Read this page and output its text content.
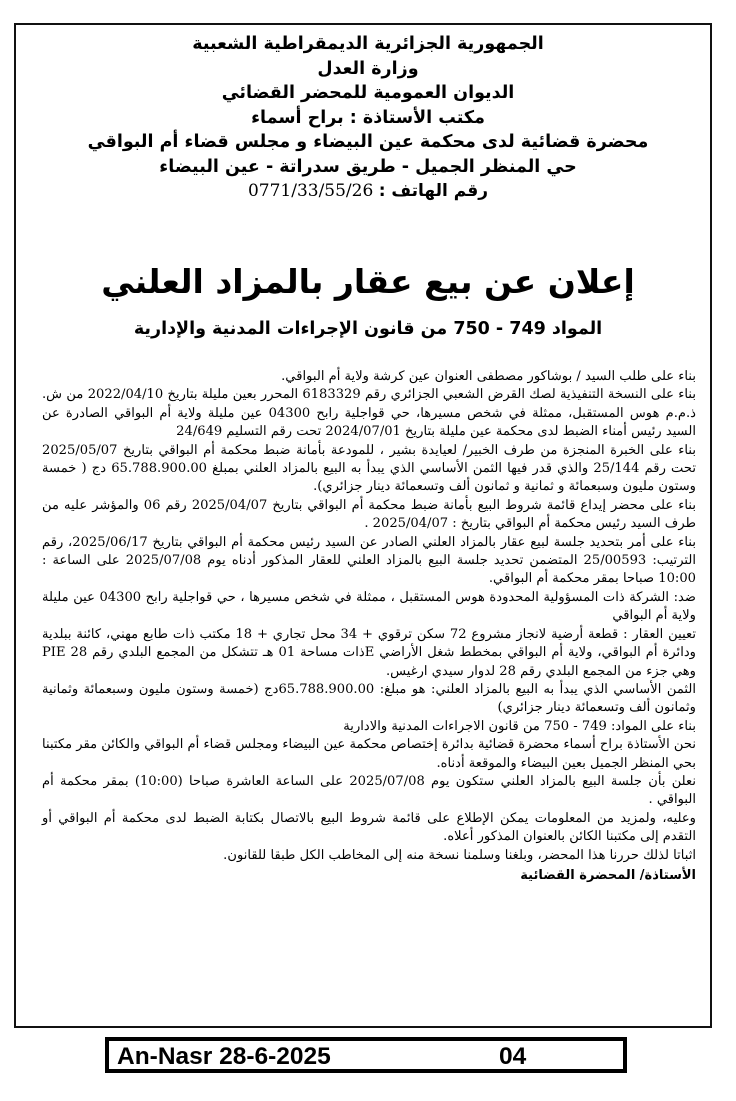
الجمهورية الجزائرية الديمقراطية الشعبية
وزارة العدل
الديوان العمومية للمحضر القضائي
مكتب الأستاذة : براح أسماء
محضرة قضائية لدى محكمة عين البيضاء و مجلس قضاء أم البواقي
حي المنظر الجميل - طريق سدراتة - عين البيضاء
رقم الهاتف : 0771/33/55/26
إعلان عن بيع عقار بالمزاد العلني
المواد 749 - 750 من قانون الإجراءات المدنية والإدارية

بناء على طلب السيد / بوشاكور مصطفى العنوان عين كرشة ولاية أم البواقي.

بناء على النسخة التنفيذية لصك القرض الشعبي الجزائري رقم 6183329 المحرر بعين مليلة بتاريخ 2022/04/10 من ش. ذ.م.م هوس المستقبل، ممثلة في شخص مسيرها، حي قواجلية رابح 04300 عين مليلة ولاية أم البواقي الصادرة عن السيد رئيس أمناء الضبط لدى محكمة عين مليلة بتاريخ 2024/07/01 تحت رقم التسليم 24/649

بناء على الخبرة المنجزة من طرف الخبير/ لعيايدة بشير ، للمودعة بأمانة ضبط محكمة أم البواقي بتاريخ 2025/05/07 تحت رقم 25/144 والذي قدر فيها الثمن الأساسي الذي يبدأ به البيع بالمزاد العلني بمبلغ 65.788.900.00 دج ( خمسة وستون مليون وسبعمائة و ثمانية و ثمانون ألف وتسعمائة دينار جزائري).

بناء على محضر إيداع قائمة شروط البيع بأمانة ضبط محكمة أم البواقي بتاريخ 2025/04/07 رقم 06 والمؤشر عليه من طرف السيد رئيس محكمة أم البواقي بتاريخ : 2025/04/07 .

بناء على أمر بتحديد جلسة لبيع عقار بالمزاد العلني الصادر عن السيد رئيس محكمة أم البواقي بتاريخ 2025/06/17، رقم الترتيب: 25/00593 المتضمن تحديد جلسة البيع بالمزاد العلني للعقار المذكور أدناه يوم 2025/07/08 على الساعة : 10:00 صباحا بمقر محكمة أم البواقي.

ضد: الشركة ذات المسؤولية المحدودة هوس المستقبل ، ممثلة في شخص مسيرها ، حي قواجلية رابح 04300 عين مليلة ولاية أم البواقي

تعيين العقار : قطعة أرضية لانجاز مشروع 72 سكن ترقوي + 34 محل تجاري + 18 مكتب ذات طابع مهني، كائنة ببلدية ودائرة أم البواقي، ولاية أم البواقي بمخطط شغل الأراضي Eذات مساحة 01 هـ تتشكل من المجمع البلدي رقم 28 PIE وهي جزء من المجمع البلدي رقم 28 لدوار سيدي ارغيس.

الثمن الأساسي الذي يبدأ به البيع بالمزاد العلني: هو مبلغ: 65.788.900.00دج (خمسة وستون مليون وسبعمائة وثمانية وثمانون ألف وتسعمائة دينار جزائري)

بناء على المواد: 749 - 750 من قانون الاجراءات المدنية والادارية

نحن الأستاذة براح أسماء محضرة قضائية بدائرة إختصاص محكمة عين البيضاء ومجلس قضاء أم البواقي والكائن مقر مكتبنا بحي المنظر الجميل بعين البيضاء والموقعة أدناه.

نعلن بأن جلسة البيع بالمزاد العلني ستكون يوم 2025/07/08 على الساعة العاشرة صباحا (10:00) بمقر محكمة أم البواقي .

وعليه، ولمزيد من المعلومات يمكن الإطلاع على قائمة شروط البيع بالاتصال بكتابة الضبط لدى محكمة أم البواقي أو التقدم إلى مكتبنا الكائن بالعنوان المذكور أعلاه.

اثباتا لذلك حررنا هذا المحضر، وبلغنا وسلمنا نسخة منه إلى المخاطب الكل طبقا للقانون.

الأستاذة/ المحضرة القضائية

An-Nasr 28-6-2025	04
